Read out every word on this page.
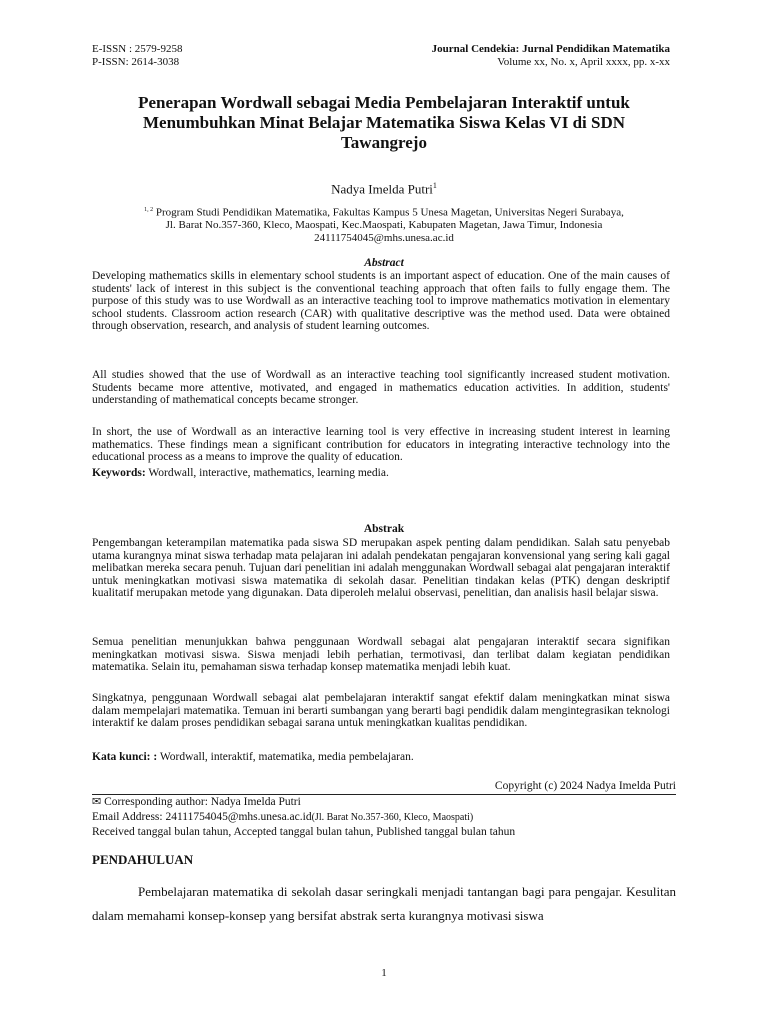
E-ISSN : 2579-9258
P-ISSN: 2614-3038
Journal Cendekia: Jurnal Pendidikan Matematika
Volume xx, No. x, April xxxx, pp. x-xx
Penerapan Wordwall sebagai Media Pembelajaran Interaktif untuk Menumbuhkan Minat Belajar Matematika Siswa Kelas VI di SDN Tawangrejo
Nadya Imelda Putri$^1$
$^{1, 2}$ Program Studi Pendidikan Matematika, Fakultas Kampus 5 Unesa Magetan, Universitas Negeri Surabaya,
Jl. Barat No.357-360, Kleco, Maospati, Kec.Maospati, Kabupaten Magetan, Jawa Timur, Indonesia
24111754045@mhs.unesa.ac.id
Abstract

Developing mathematics skills in elementary school students is an important aspect of education. One of the main causes of students' lack of interest in this subject is the conventional teaching approach that often fails to fully engage them. The purpose of this study was to use Wordwall as an interactive teaching tool to improve mathematics motivation in elementary school students. Classroom action research (CAR) with qualitative descriptive was the method used. Data were obtained through observation, research, and analysis of student learning outcomes.

All studies showed that the use of Wordwall as an interactive teaching tool significantly increased student motivation. Students became more attentive, motivated, and engaged in mathematics education activities. In addition, students' understanding of mathematical concepts became stronger.

In short, the use of Wordwall as an interactive learning tool is very effective in increasing student interest in learning mathematics. These findings mean a significant contribution for educators in integrating interactive technology into the educational process as a means to improve the quality of education.

Keywords: Wordwall, interactive, mathematics, learning media.
Abstrak

Pengembangan keterampilan matematika pada siswa SD merupakan aspek penting dalam pendidikan. Salah satu penyebab utama kurangnya minat siswa terhadap mata pelajaran ini adalah pendekatan pengajaran konvensional yang sering kali gagal melibatkan mereka secara penuh. Tujuan dari penelitian ini adalah menggunakan Wordwall sebagai alat pengajaran interaktif untuk meningkatkan motivasi siswa matematika di sekolah dasar. Penelitian tindakan kelas (PTK) dengan deskriptif kualitatif merupakan metode yang digunakan. Data diperoleh melalui observasi, penelitian, dan analisis hasil belajar siswa.

Semua penelitian menunjukkan bahwa penggunaan Wordwall sebagai alat pengajaran interaktif secara signifikan meningkatkan motivasi siswa. Siswa menjadi lebih perhatian, termotivasi, dan terlibat dalam kegiatan pendidikan matematika. Selain itu, pemahaman siswa terhadap konsep matematika menjadi lebih kuat.

Singkatnya, penggunaan Wordwall sebagai alat pembelajaran interaktif sangat efektif dalam meningkatkan minat siswa dalam mempelajari matematika. Temuan ini berarti sumbangan yang berarti bagi pendidik dalam mengintegrasikan teknologi interaktif ke dalam proses pendidikan sebagai sarana untuk meningkatkan kualitas pendidikan.

Kata kunci: : Wordwall, interaktif, matematika, media pembelajaran.
Copyright (c) 2024 Nadya Imelda Putri
✉ Corresponding author: Nadya Imelda Putri
Email Address: 24111754045@mhs.unesa.ac.id(Jl. Barat No.357-360, Kleco, Maospati)
Received tanggal bulan tahun, Accepted tanggal bulan tahun, Published tanggal bulan tahun
PENDAHULUAN

Pembelajaran matematika di sekolah dasar seringkali menjadi tantangan bagi para pengajar. Kesulitan dalam memahami konsep-konsep yang bersifat abstrak serta kurangnya motivasi siswa

1
